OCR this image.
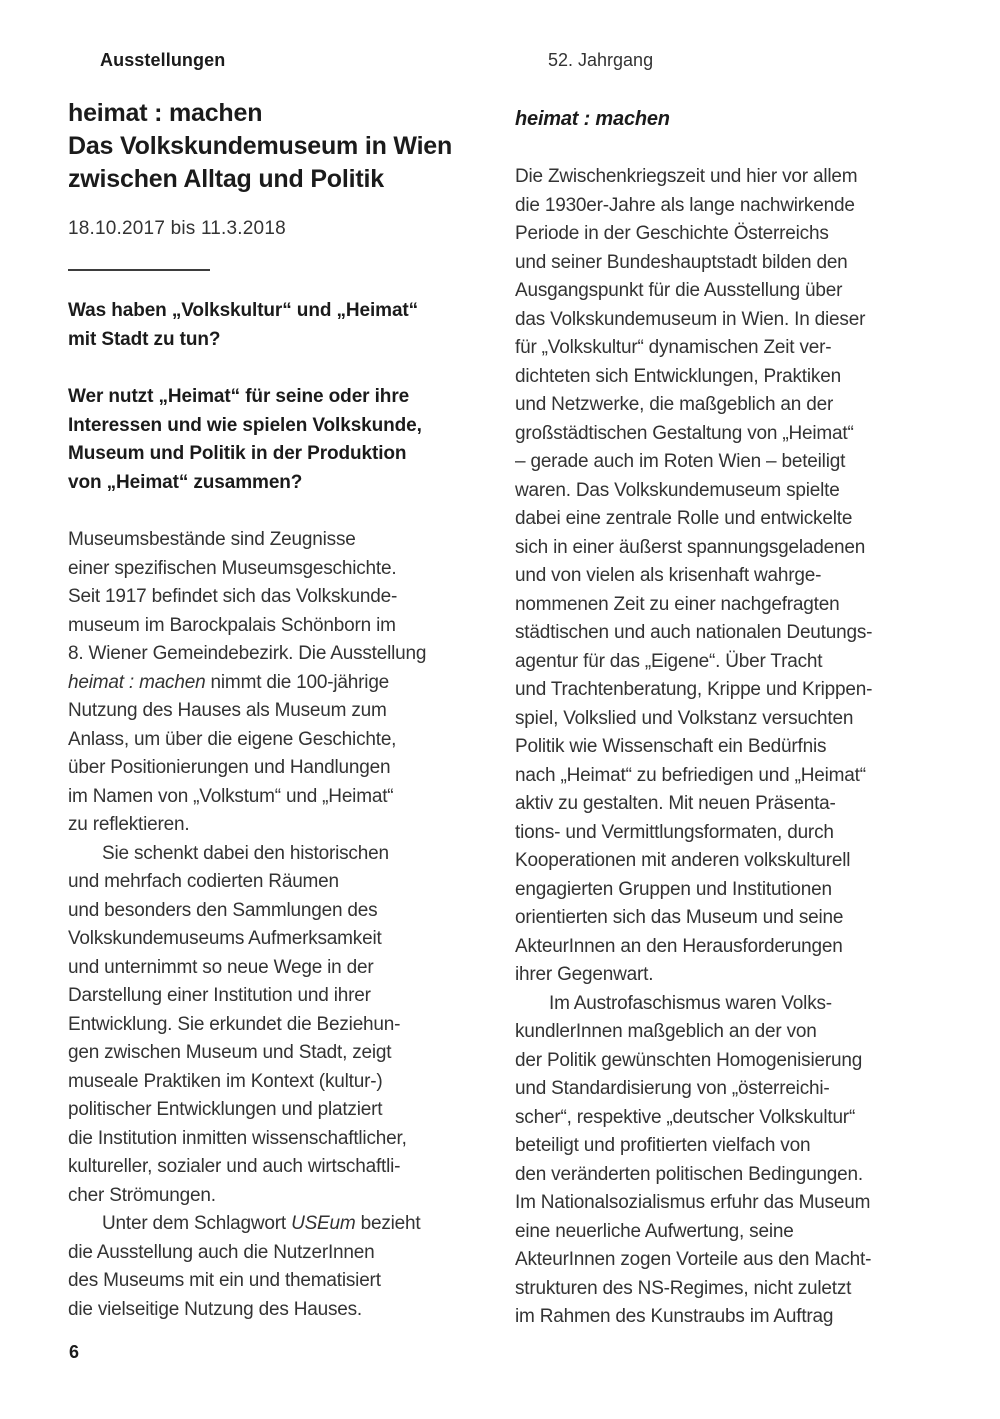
Ausstellungen	52. Jahrgang
heimat : machen
Das Volkskundemuseum in Wien
zwischen Alltag und Politik
18.10.2017 bis 11.3.2018
Was haben „Volkskultur“ und „Heimat“
mit Stadt zu tun?
Wer nutzt „Heimat“ für seine oder ihre
Interessen und wie spielen Volkskunde,
Museum und Politik in der Produktion
von „Heimat“ zusammen?
Museumsbestände sind Zeugnisse
einer spezifischen Museumsgeschichte.
Seit 1917 befindet sich das Volkskunde-
museum im Barockpalais Schönborn im
8. Wiener Gemeindebezirk. Die Ausstellung
heimat : machen nimmt die 100-jährige
Nutzung des Hauses als Museum zum
Anlass, um über die eigene Geschichte,
über Positionierungen und Handlungen
im Namen von „Volkstum“ und „Heimat“
zu reflektieren.
Sie schenkt dabei den historischen
und mehrfach codierten Räumen
und besonders den Sammlungen des
Volkskundemuseums Aufmerksamkeit
und unternimmt so neue Wege in der
Darstellung einer Institution und ihrer
Entwicklung. Sie erkundet die Beziehun-
gen zwischen Museum und Stadt, zeigt
museale Praktiken im Kontext (kultur-)
politischer Entwicklungen und platziert
die Institution inmitten wissenschaftlicher,
kultureller, sozialer und auch wirtschaftli-
cher Strömungen.
Unter dem Schlagwort USEum bezieht
die Ausstellung auch die NutzerInnen
des Museums mit ein und thematisiert
die vielseitige Nutzung des Hauses.
heimat : machen
Die Zwischenkriegszeit und hier vor allem
die 1930er-Jahre als lange nachwirkende
Periode in der Geschichte Österreichs
und seiner Bundeshauptstadt bilden den
Ausgangspunkt für die Ausstellung über
das Volkskundemuseum in Wien. In dieser
für „Volkskultur“ dynamischen Zeit ver-
dichteten sich Entwicklungen, Praktiken
und Netzwerke, die maßgeblich an der
großstädtischen Gestaltung von „Heimat“
– gerade auch im Roten Wien – beteiligt
waren. Das Volkskundemuseum spielte
dabei eine zentrale Rolle und entwickelte
sich in einer äußerst spannungsgeladenen
und von vielen als krisenhaft wahrge-
nommenen Zeit zu einer nachgefragten
städtischen und auch nationalen Deutungs-
agentur für das „Eigene“. Über Tracht
und Trachtenberatung, Krippe und Krippen-
spiel, Volkslied und Volkstanz versuchten
Politik wie Wissenschaft ein Bedürfnis
nach „Heimat“ zu befriedigen und „Heimat“
aktiv zu gestalten. Mit neuen Präsenta-
tions- und Vermittlungsformaten, durch
Kooperationen mit anderen volkskulturell
engagierten Gruppen und Institutionen
orientierten sich das Museum und seine
AkteurInnen an den Herausforderungen
ihrer Gegenwart.
Im Austrofaschismus waren Volks-
kundlerInnen maßgeblich an der von
der Politik gewünschten Homogenisierung
und Standardisierung von „österreichi-
scher“, respektive „deutscher Volkskultur“
beteiligt und profitierten vielfach von
den veränderten politischen Bedingungen.
Im Nationalsozialismus erfuhr das Museum
eine neuerliche Aufwertung, seine
AkteurInnen zogen Vorteile aus den Macht-
strukturen des NS-Regimes, nicht zuletzt
im Rahmen des Kunstraubs im Auftrag
6
